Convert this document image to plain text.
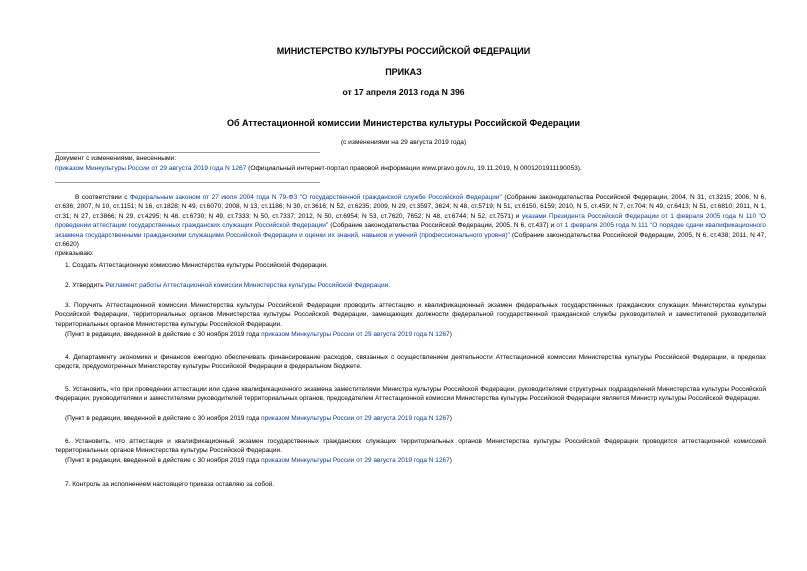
МИНИСТЕРСТВО КУЛЬТУРЫ РОССИЙСКОЙ ФЕДЕРАЦИИ
ПРИКАЗ
от 17 апреля 2013 года N 396
Об Аттестационной комиссии Министерства культуры Российской Федерации
(с изменениями на 29 августа 2019 года)
Документ с изменениями, внесенными:
приказом Минкультуры России от 29 августа 2019 года N 1267 (Официальный интернет-портал правовой информации www.pravo.gov.ru, 19.11.2019, N 0001201911190053).
В соответствии с Федеральным законом от 27 июля 2004 года N 79-ФЗ "О государственной гражданской службе Российской Федерации" (Собрание законодательства Российской Федерации, 2004, N 31, ст.3215; 2006, N 6, ст.636; 2007, N 10, ст.1151; N 16, ст.1828; N 49, ст.6070; 2008, N 13, ст.1186; N 30, ст.3616; N 52, ст.6235; 2009, N 29, ст.3597, 3624; N 48, ст.5719; N 51, ст.6150, 6159; 2010, N 5, ст.459; N 7, ст.704; N 49, ст.6413; N 51, ст.6810; 2011, N 1, ст.31; N 27, ст.3866; N 29, ст.4295; N 48, ст.6730; N 49, ст.7333; N 50, ст.7337; 2012, N 50, ст.6954; N 53, ст.7620, 7652; N 48, ст.6744; N 52, ст.7571) и указами Президента Российской Федерации от 1 февраля 2005 года N 110 "О проведении аттестации государственных гражданских служащих Российской Федерации" (Собрание законодательства Российской Федерации, 2005, N 6, ст.437) и от 1 февраля 2005 года N 111 "О порядке сдачи квалификационного экзамена государственными гражданскими служащими Российской Федерации и оценки их знаний, навыков и умений (профессионального уровня)" (Собрание законодательства Российской Федерации, 2005, N 6, ст.438; 2011, N 47, ст.6620)
приказываю:
1. Создать Аттестационную комиссию Министерства культуры Российской Федерации.
2. Утвердить Регламент работы Аттестационной комиссии Министерства культуры Российской Федерации.
3. Поручить Аттестационной комиссии Министерства культуры Российской Федерации проводить аттестацию и квалификационный экзамен федеральных государственных гражданских служащих Министерства культуры Российской Федерации, территориальных органов Министерства культуры Российской Федерации, замещающих должности федеральной государственной гражданской службы руководителей и заместителей руководителей территориальных органов Министерства культуры Российской Федерации.
(Пункт в редакции, введенной в действие с 30 ноября 2019 года приказом Минкультуры России от 29 августа 2019 года N 1267)
4. Департаменту экономики и финансов ежегодно обеспечивать финансирование расходов, связанных с осуществлением деятельности Аттестационной комиссии Министерства культуры Российской Федерации, в пределах средств, предусмотренных Министерству культуры Российской Федерации в федеральном бюджете.
5. Установить, что при проведении аттестации или сдаче квалификационного экзамена заместителями Министра культуры Российской Федерации, руководителями структурных подразделений Министерства культуры Российской Федерации, руководителями и заместителями руководителей территориальных органов, председателем Аттестационной комиссии Министерства культуры Российской Федерации является Министр культуры Российской Федерации.
(Пункт в редакции, введенной в действие с 30 ноября 2019 года приказом Минкультуры России от 29 августа 2019 года N 1267)
6. Установить, что аттестация и квалификационный экзамен государственных гражданских служащих территориальных органов Министерства культуры Российской Федерации проводится аттестационной комиссией территориальных органов Министерства культуры Российской Федерации.
(Пункт в редакции, введенной в действие с 30 ноября 2019 года приказом Минкультуры России от 29 августа 2019 года N 1267)
7. Контроль за исполнением настоящего приказа оставляю за собой.
